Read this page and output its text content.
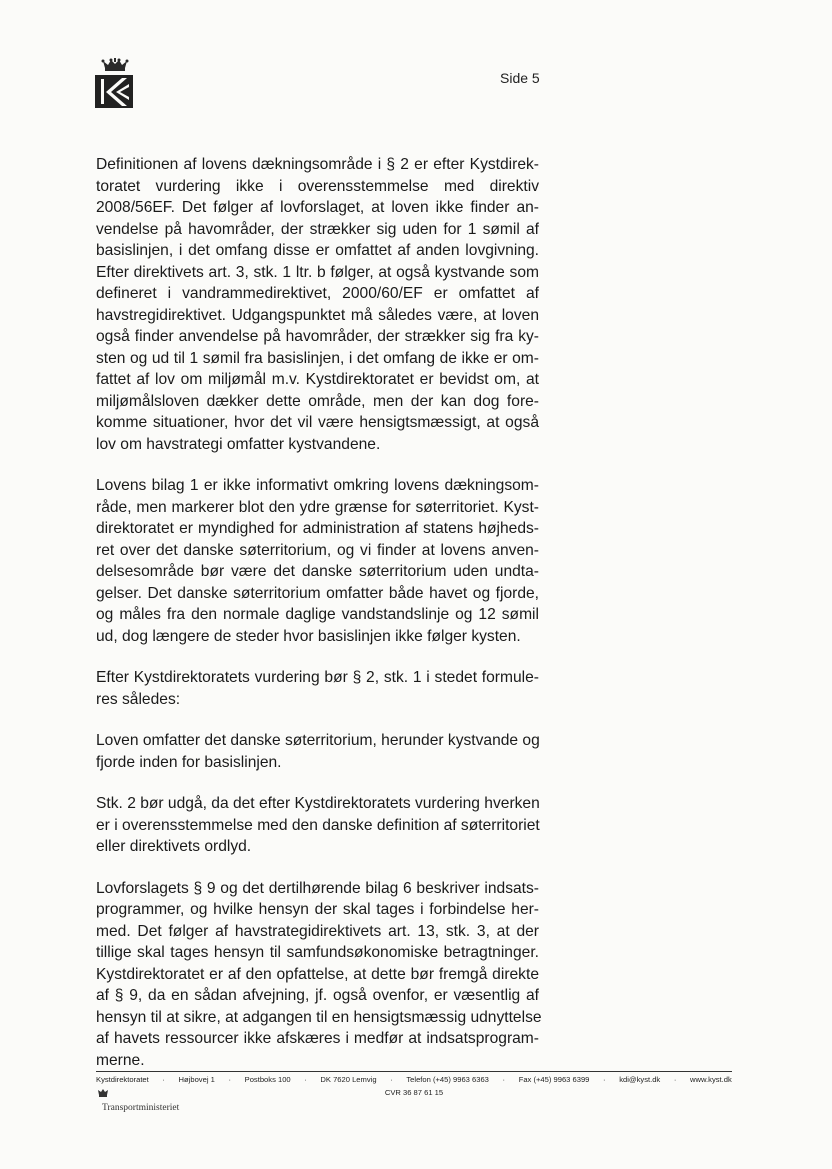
Side 5

Definitionen af lovens dækningsområde i § 2 er efter Kystdirek-
toratet vurdering ikke i overensstemmelse med direktiv
2008/56EF. Det følger af lovforslaget, at loven ikke finder an-
vendelse på havområder, der strækker sig uden for 1 sømil af
basislinjen, i det omfang disse er omfattet af anden lovgivning.
Efter direktivets art. 3, stk. 1 ltr. b følger, at også kystvande som
defineret i vandrammedirektivet, 2000/60/EF er omfattet af
havstregidirektivet. Udgangspunktet må således være, at loven
også finder anvendelse på havområder, der strækker sig fra ky-
sten og ud til 1 sømil fra basislinjen, i det omfang de ikke er om-
fattet af lov om miljømål m.v. Kystdirektoratet er bevidst om, at
miljømålsloven dækker dette område, men der kan dog fore-
komme situationer, hvor det vil være hensigtsmæssigt, at også
lov om havstrategi omfatter kystvandene.

Lovens bilag 1 er ikke informativt omkring lovens dækningsom-
råde, men markerer blot den ydre grænse for søterritoriet. Kyst-
direktoratet er myndighed for administration af statens højheds-
ret over det danske søterritorium, og vi finder at lovens anven-
delsesområde bør være det danske søterritorium uden undta-
gelser. Det danske søterritorium omfatter både havet og fjorde,
og måles fra den normale daglige vandstandslinje og 12 sømil
ud, dog længere de steder hvor basislinjen ikke følger kysten.

Efter Kystdirektoratets vurdering bør § 2, stk. 1 i stedet formule-
res således:

Loven omfatter det danske søterritorium, herunder kystvande og
fjorde inden for basislinjen.

Stk. 2 bør udgå, da det efter Kystdirektoratets vurdering hverken
er i overensstemmelse med den danske definition af søterritoriet
eller direktivets ordlyd.

Lovforslagets § 9 og det dertilhørende bilag 6 beskriver indsats-
programmer, og hvilke hensyn der skal tages i forbindelse her-
med. Det følger af havstrategidirektivets art. 13, stk. 3, at der
tillige skal tages hensyn til samfundsøkonomiske betragtninger.
Kystdirektoratet er af den opfattelse, at dette bør fremgå direkte
af § 9, da en sådan afvejning, jf. også ovenfor, er væsentlig af
hensyn til at sikre, at adgangen til en hensigtsmæssig udnyttelse
af havets ressourcer ikke afskæres i medfør at indsatsprogram-
merne.

Kystdirektoratet · Højbovej 1 · Postboks 100 · DK 7620 Lemvig · Telefon (+45) 9963 6363 · Fax (+45) 9963 6399 · kdi@kyst.dk · www.kyst.dk
CVR 36 87 61 15
Transportministeriet
